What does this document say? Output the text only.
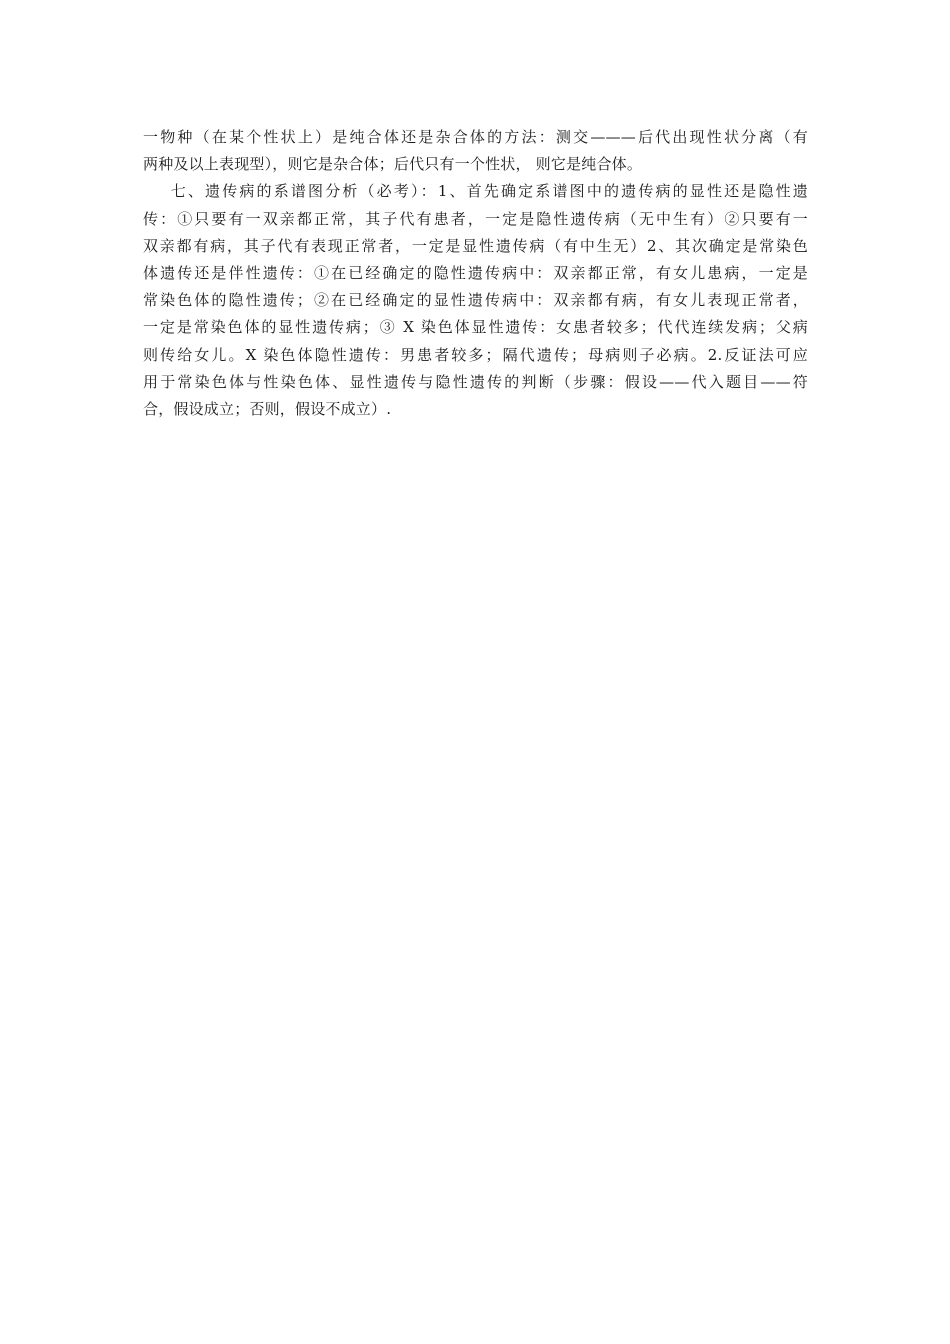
一物种（在某个性状上）是纯合体还是杂合体的方法：测交———后代出现性状分离（有
两种及以上表现型），则它是杂合体；后代只有一个性状， 则它是纯合体。
七、遗传病的系谱图分析（必考）：1、首先确定系谱图中的遗传病的显性还是隐性遗
传：①只要有一双亲都正常，其子代有患者，一定是隐性遗传病（无中生有）②只要有一
双亲都有病，其子代有表现正常者，一定是显性遗传病（有中生无）2、其次确定是常染色
体遗传还是伴性遗传：①在已经确定的隐性遗传病中：双亲都正常，有女儿患病，一定是
常染色体的隐性遗传；②在已经确定的显性遗传病中：双亲都有病，有女儿表现正常者，
一定是常染色体的显性遗传病；③ X 染色体显性遗传：女患者较多；代代连续发病；父病
则传给女儿。X 染色体隐性遗传：男患者较多；隔代遗传；母病则子必病。2.反证法可应
用于常染色体与性染色体、显性遗传与隐性遗传的判断（步骤：假设——代入题目——符
合，假设成立；否则，假设不成立）.
